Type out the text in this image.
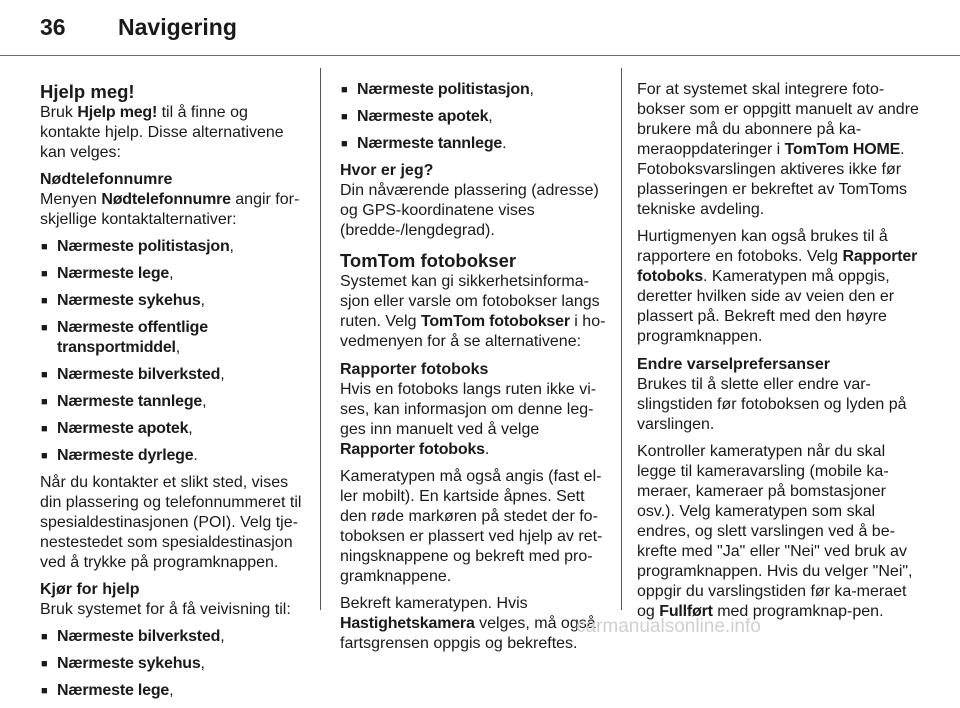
36 Navigering
Hjelp meg!

Bruk Hjelp meg! til å finne og kontakte hjelp. Disse alternativene kan velges:

Nødtelefonnumre

Menyen Nødtelefonnumre angir for-skjellige kontaktalternativer:

■ Nærmeste politistasjon,
■ Nærmeste lege,
■ Nærmeste sykehus,
■ Nærmeste offentlige transportmiddel,
■ Nærmeste bilverksted,
■ Nærmeste tannlege,
■ Nærmeste apotek,
■ Nærmeste dyrlege.

Når du kontakter et slikt sted, vises din plassering og telefonnummeret til spesialdestinasjonen (POI). Velg tje-nestestedet som spesialdestinasjon ved å trykke på programknappen.

Kjør for hjelp

Bruk systemet for å få veivisning til:

■ Nærmeste bilverksted,
■ Nærmeste sykehus,
■ Nærmeste lege,
■ Nærmeste politistasjon,
■ Nærmeste apotek,
■ Nærmeste tannlege.
Hvor er jeg?

Din nåværende plassering (adresse) og GPS-koordinatene vises (bredde-/lengdegrad).

TomTom fotobokser

Systemet kan gi sikkerhetsinforma-sjon eller varsle om fotobokser langs ruten. Velg TomTom fotobokser i ho-vedmenyen for å se alternativene:

Rapporter fotoboks

Hvis en fotoboks langs ruten ikke vi-ses, kan informasjon om denne leg-ges inn manuelt ved å velge
Rapporter fotoboks.

Kameratypen må også angis (fast el-ler mobilt). En kartside åpnes. Sett den røde markøren på stedet der fo-toboksen er plassert ved hjelp av ret-ningsknappene og bekreft med pro-gramknappene.

Bekreft kameratypen. Hvis Hastighetskamera velges, må også fartsgrensen oppgis og bekreftes.

For at systemet skal integrere foto-bokser som er oppgitt manuelt av andre brukere må du abonnere på ka-meraoppdateringer i TomTom HOME. Fotoboksvarslingen aktiveres ikke før plasseringen er bekreftet av TomToms tekniske avdeling.

Hurtigmenyen kan også brukes til å rapportere en fotoboks. Velg Rapporter fotoboks. Kameratypen må oppgis, deretter hvilken side av veien den er plassert på. Bekreft med den høyre programknappen.

Endre varselprefersanser

Brukes til å slette eller endre var-slingstiden før fotoboksen og lyden på varslingen.

Kontroller kameratypen når du skal legge til kameravarsling (mobile ka-meraer, kameraer på bomstasjoner osv.). Velg kameratypen som skal endres, og slett varslingen ved å be-krefte med "Ja" eller "Nei" ved bruk av programknappen. Hvis du velger "Nei", oppgir du varslingstiden før ka-meraet og Fullført med programknap-pen.

carmanualsonline.info
